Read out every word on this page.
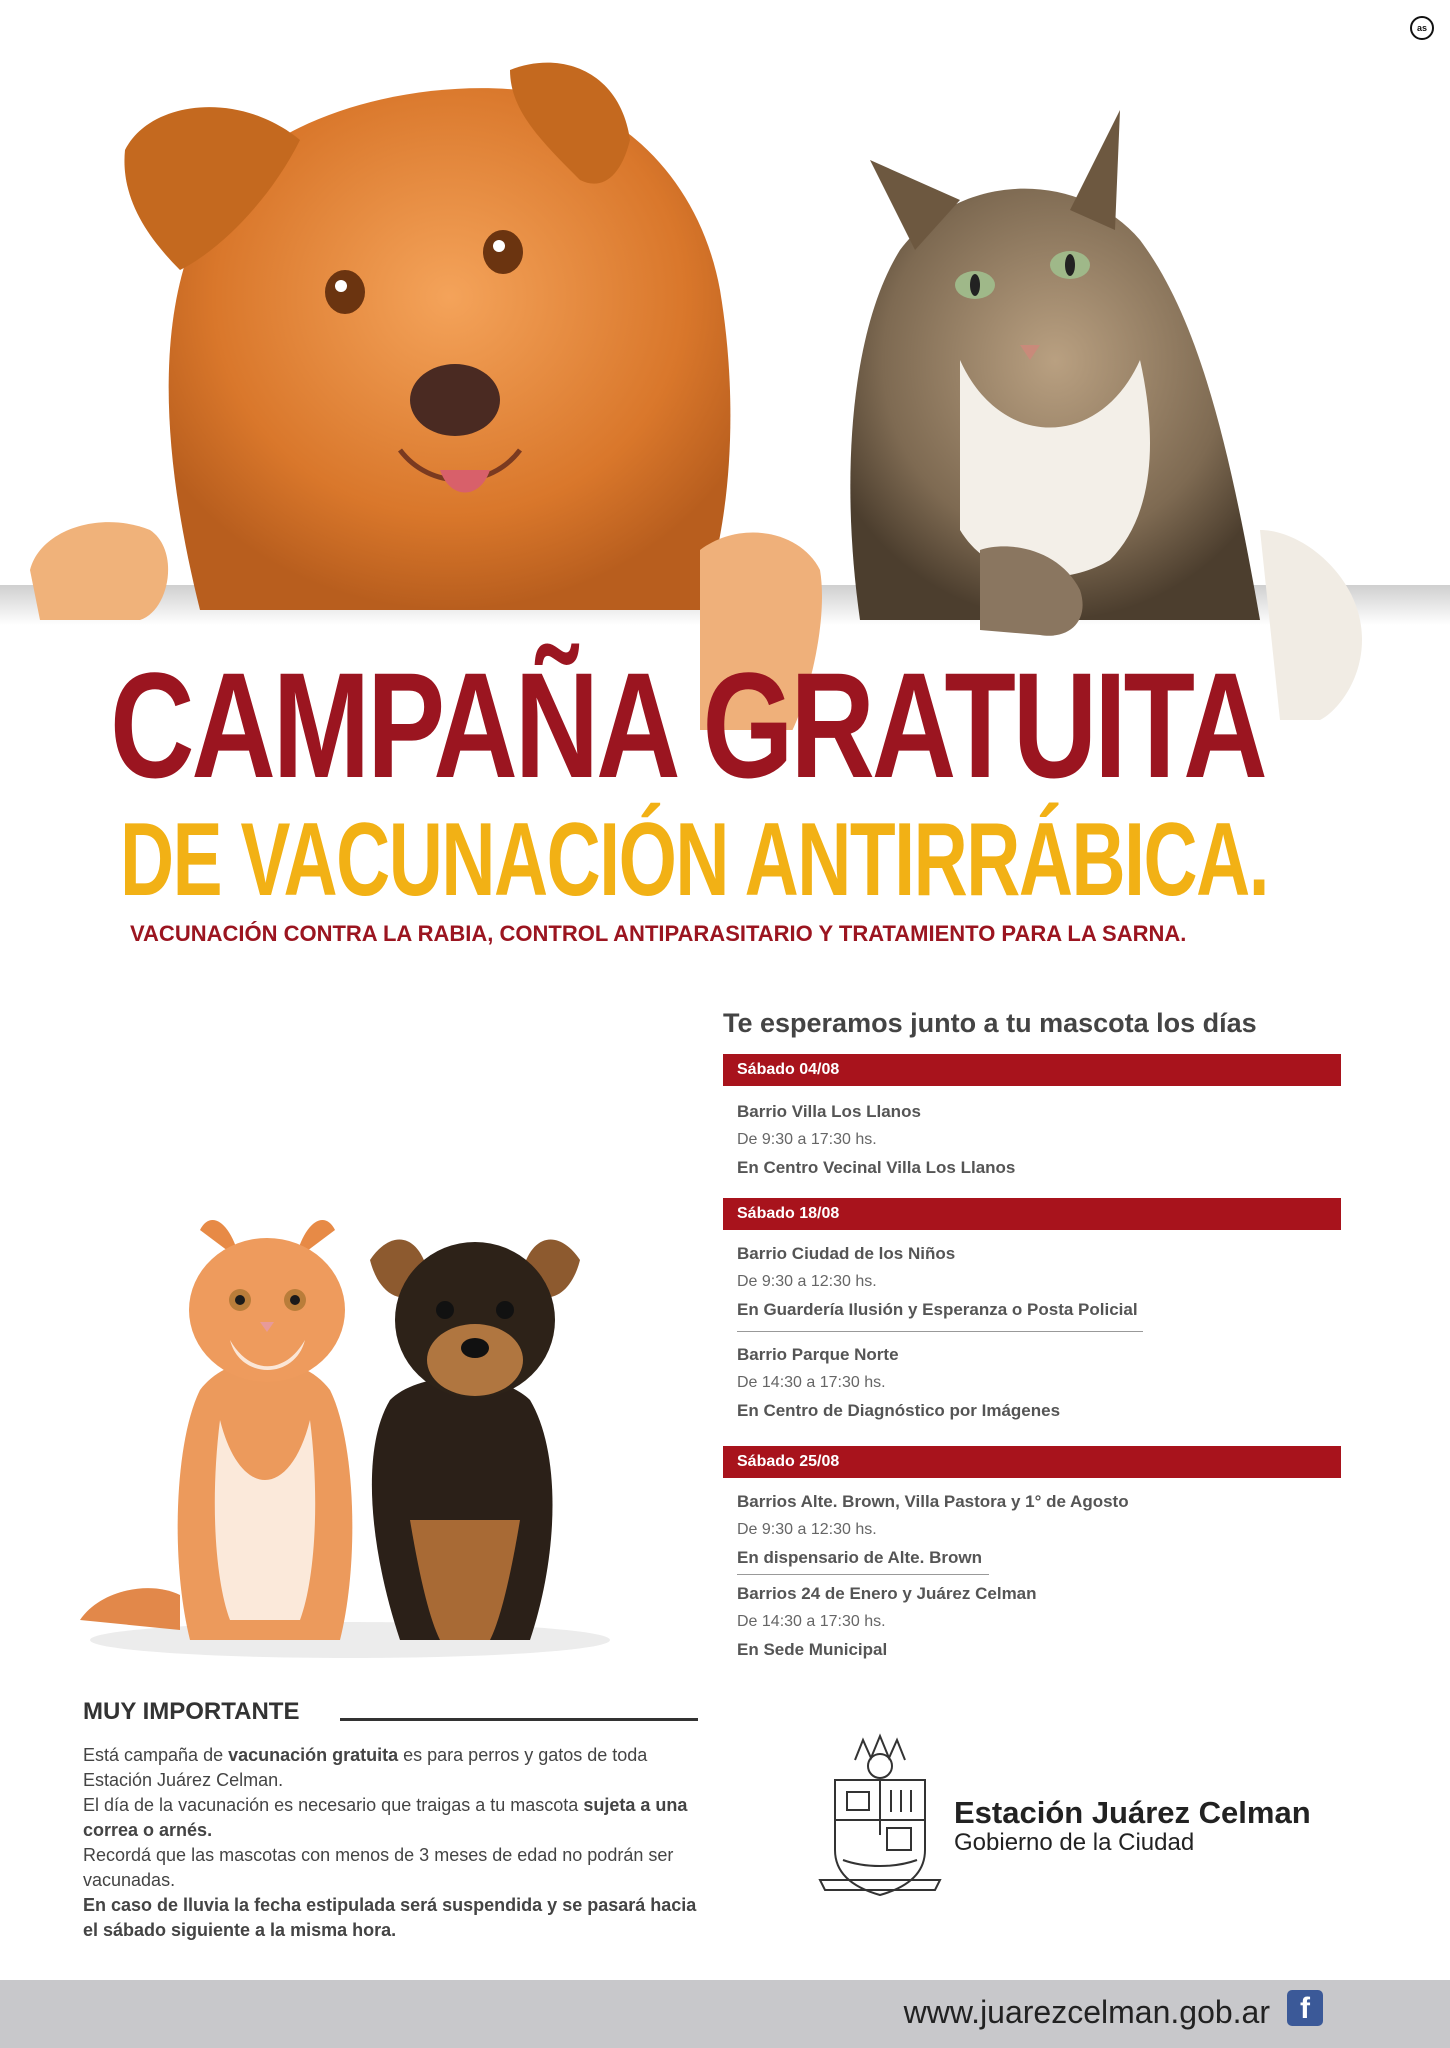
as
CAMPAÑA GRATUITA
DE VACUNACIÓN ANTIRRÁBICA.
VACUNACIÓN CONTRA LA RABIA, CONTROL ANTIPARASITARIO Y TRATAMIENTO PARA LA SARNA.
Te esperamos junto a tu mascota los días
Sábado 04/08
Barrio Villa Los Llanos
De 9:30 a 17:30 hs.
En Centro Vecinal Villa Los Llanos
Sábado 18/08
Barrio Ciudad de los Niños
De 9:30 a 12:30 hs.
En Guardería Ilusión y Esperanza o Posta Policial
Barrio Parque Norte
De 14:30 a 17:30 hs.
En Centro de Diagnóstico por Imágenes
Sábado 25/08
Barrios Alte. Brown, Villa Pastora y 1° de Agosto
De 9:30 a 12:30 hs.
En dispensario de Alte. Brown
Barrios 24 de Enero y Juárez Celman
De 14:30 a 17:30 hs.
En Sede Municipal
MUY IMPORTANTE
Está campaña de vacunación gratuita es para perros y gatos de toda Estación Juárez Celman.
El día de la vacunación es necesario que traigas a tu mascota sujeta a una correa o arnés.
Recordá que las mascotas con menos de 3 meses de edad no podrán ser vacunadas.
En caso de lluvia la fecha estipulada será suspendida y se pasará hacia el sábado siguiente a la misma hora.
Estación Juárez Celman
Gobierno de la Ciudad
www.juarezcelman.gob.ar	f
